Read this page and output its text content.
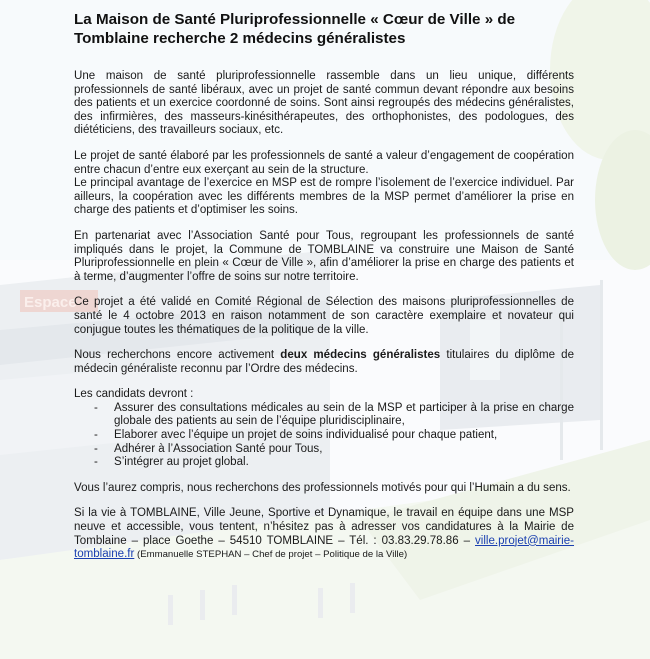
La Maison de Santé Pluriprofessionnelle « Cœur de Ville » de
Tomblaine recherche 2 médecins généralistes

Une maison de santé pluriprofessionnelle rassemble dans un lieu unique, différents professionnels de santé libéraux, avec un projet de santé commun devant répondre aux besoins des patients et un exercice coordonné de soins. Sont ainsi regroupés des médecins généralistes, des infirmières, des masseurs-kinésithérapeutes, des orthophonistes, des podologues, des diététiciens, des travailleurs sociaux, etc.

Le projet de santé élaboré par les professionnels de santé a valeur d’engagement de coopération entre chacun d’entre eux exerçant au sein de la structure.

Le principal avantage de l’exercice en MSP est de rompre l’isolement de l’exercice individuel. Par ailleurs, la coopération avec les différents membres de la MSP permet d’améliorer la prise en charge des patients et d’optimiser les soins.

En partenariat avec l’Association Santé pour Tous, regroupant les professionnels de santé impliqués dans le projet, la Commune de TOMBLAINE va construire une Maison de Santé Pluriprofessionnelle en plein « Cœur de Ville », afin d’améliorer la prise en charge des patients et à terme, d’augmenter l’offre de soins sur notre territoire.

Ce projet a été validé en Comité Régional de Sélection des maisons pluriprofessionnelles de santé le 4 octobre 2013 en raison notamment de son caractère exemplaire et novateur qui conjugue toutes les thématiques de la politique de la ville.

Nous recherchons encore activement deux médecins généralistes titulaires du diplôme de médecin généraliste reconnu par l’Ordre des médecins.

Les candidats devront :

- Assurer des consultations médicales au sein de la MSP et participer à la prise en charge globale des patients au sein de l’équipe pluridisciplinaire,
- Elaborer avec l’équipe un projet de soins individualisé pour chaque patient,
- Adhérer à l’Association Santé pour Tous,
- S’intégrer au projet global.

Vous l’aurez compris, nous recherchons des professionnels motivés pour qui l’Humain a du sens.

Si la vie à TOMBLAINE, Ville Jeune, Sportive et Dynamique, le travail en équipe dans une MSP neuve et accessible, vous tentent, n’hésitez pas à adresser vos candidatures à la Mairie de Tomblaine – place Goethe – 54510 TOMBLAINE – Tél. : 03.83.29.78.86 – ville.projet@mairie-tomblaine.fr (Emmanuelle STEPHAN – Chef de projet – Politique de la Ville)
